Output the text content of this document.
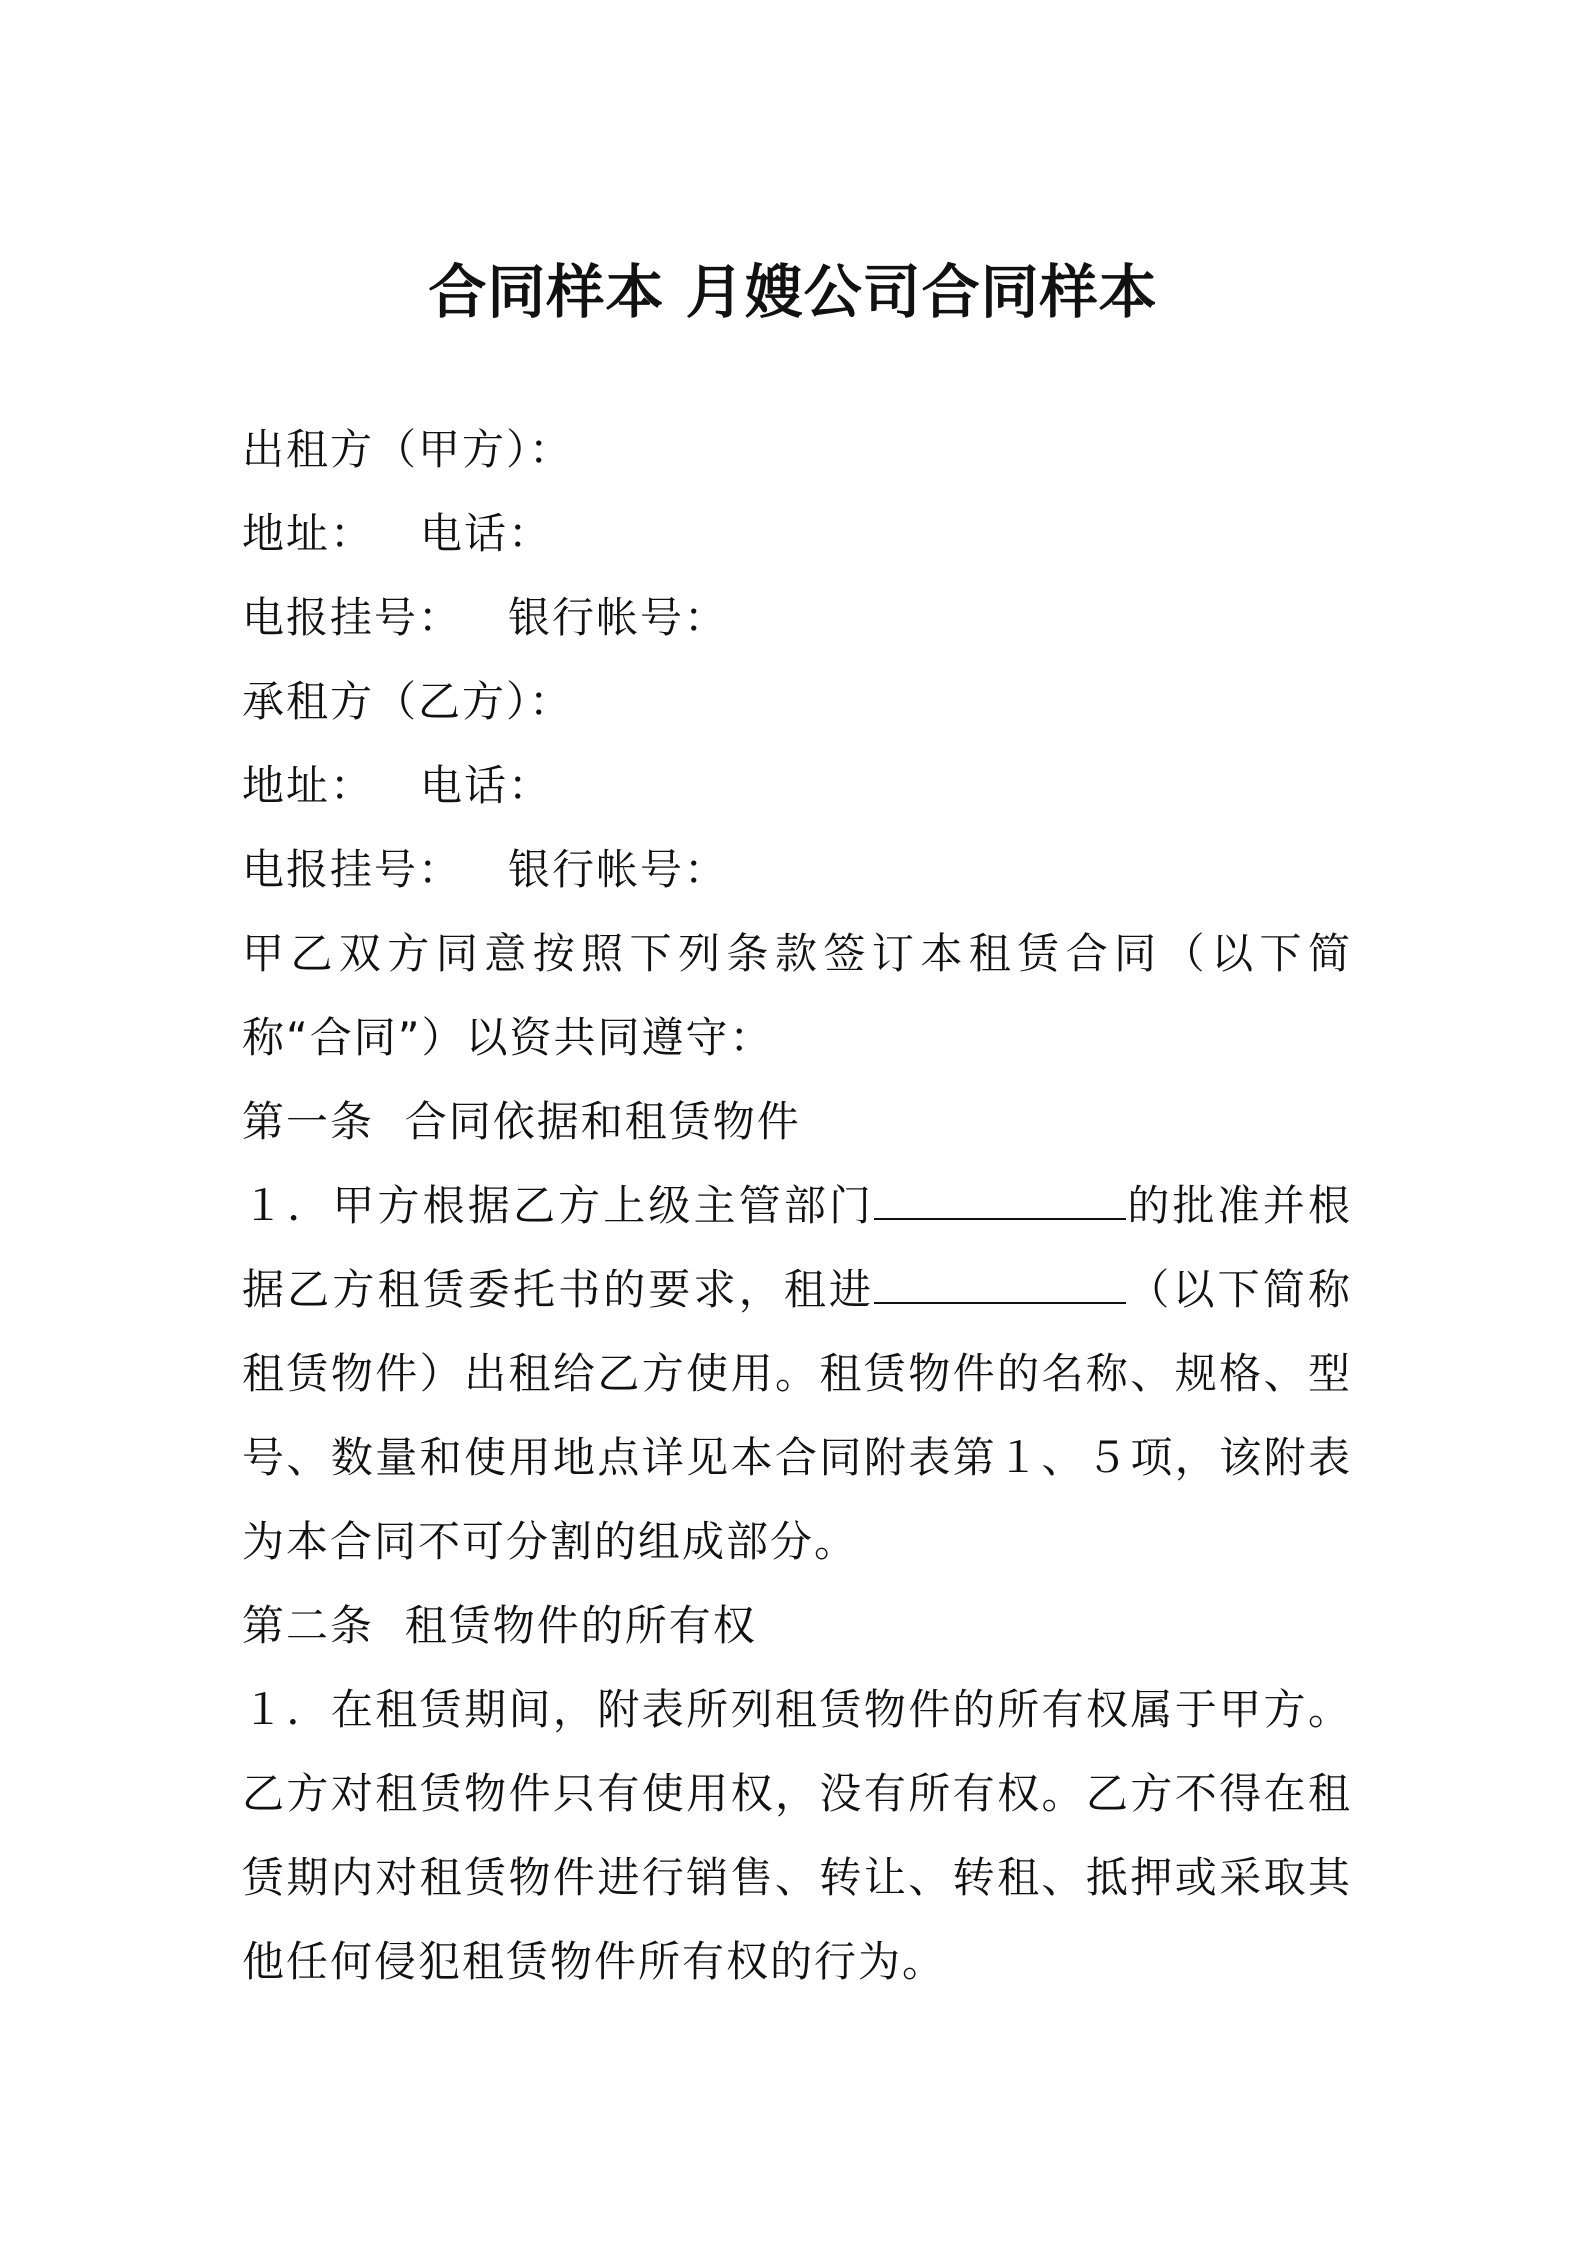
合同样本 月嫂公司合同样本
出租方（甲方）：
地址：   电话：
电报挂号：   银行帐号：
承租方（乙方）：
地址：   电话：
电报挂号：   银行帐号：
甲乙双方同意按照下列条款签订本租赁合同（以下简称“合同”）以资共同遵守：
第一条  合同依据和租赁物件
１．甲方根据乙方上级主管部门	的批准并根据乙方租赁委托书的要求，租进	（以下简称租赁物件）出租给乙方使用。租赁物件的名称、规格、型号、数量和使用地点详见本合同附表第１、５项，该附表为本合同不可分割的组成部分。
第二条  租赁物件的所有权
１．在租赁期间，附表所列租赁物件的所有权属于甲方。乙方对租赁物件只有使用权，没有所有权。乙方不得在租赁期内对租赁物件进行销售、转让、转租、抵押或采取其他任何侵犯租赁物件所有权的行为。
